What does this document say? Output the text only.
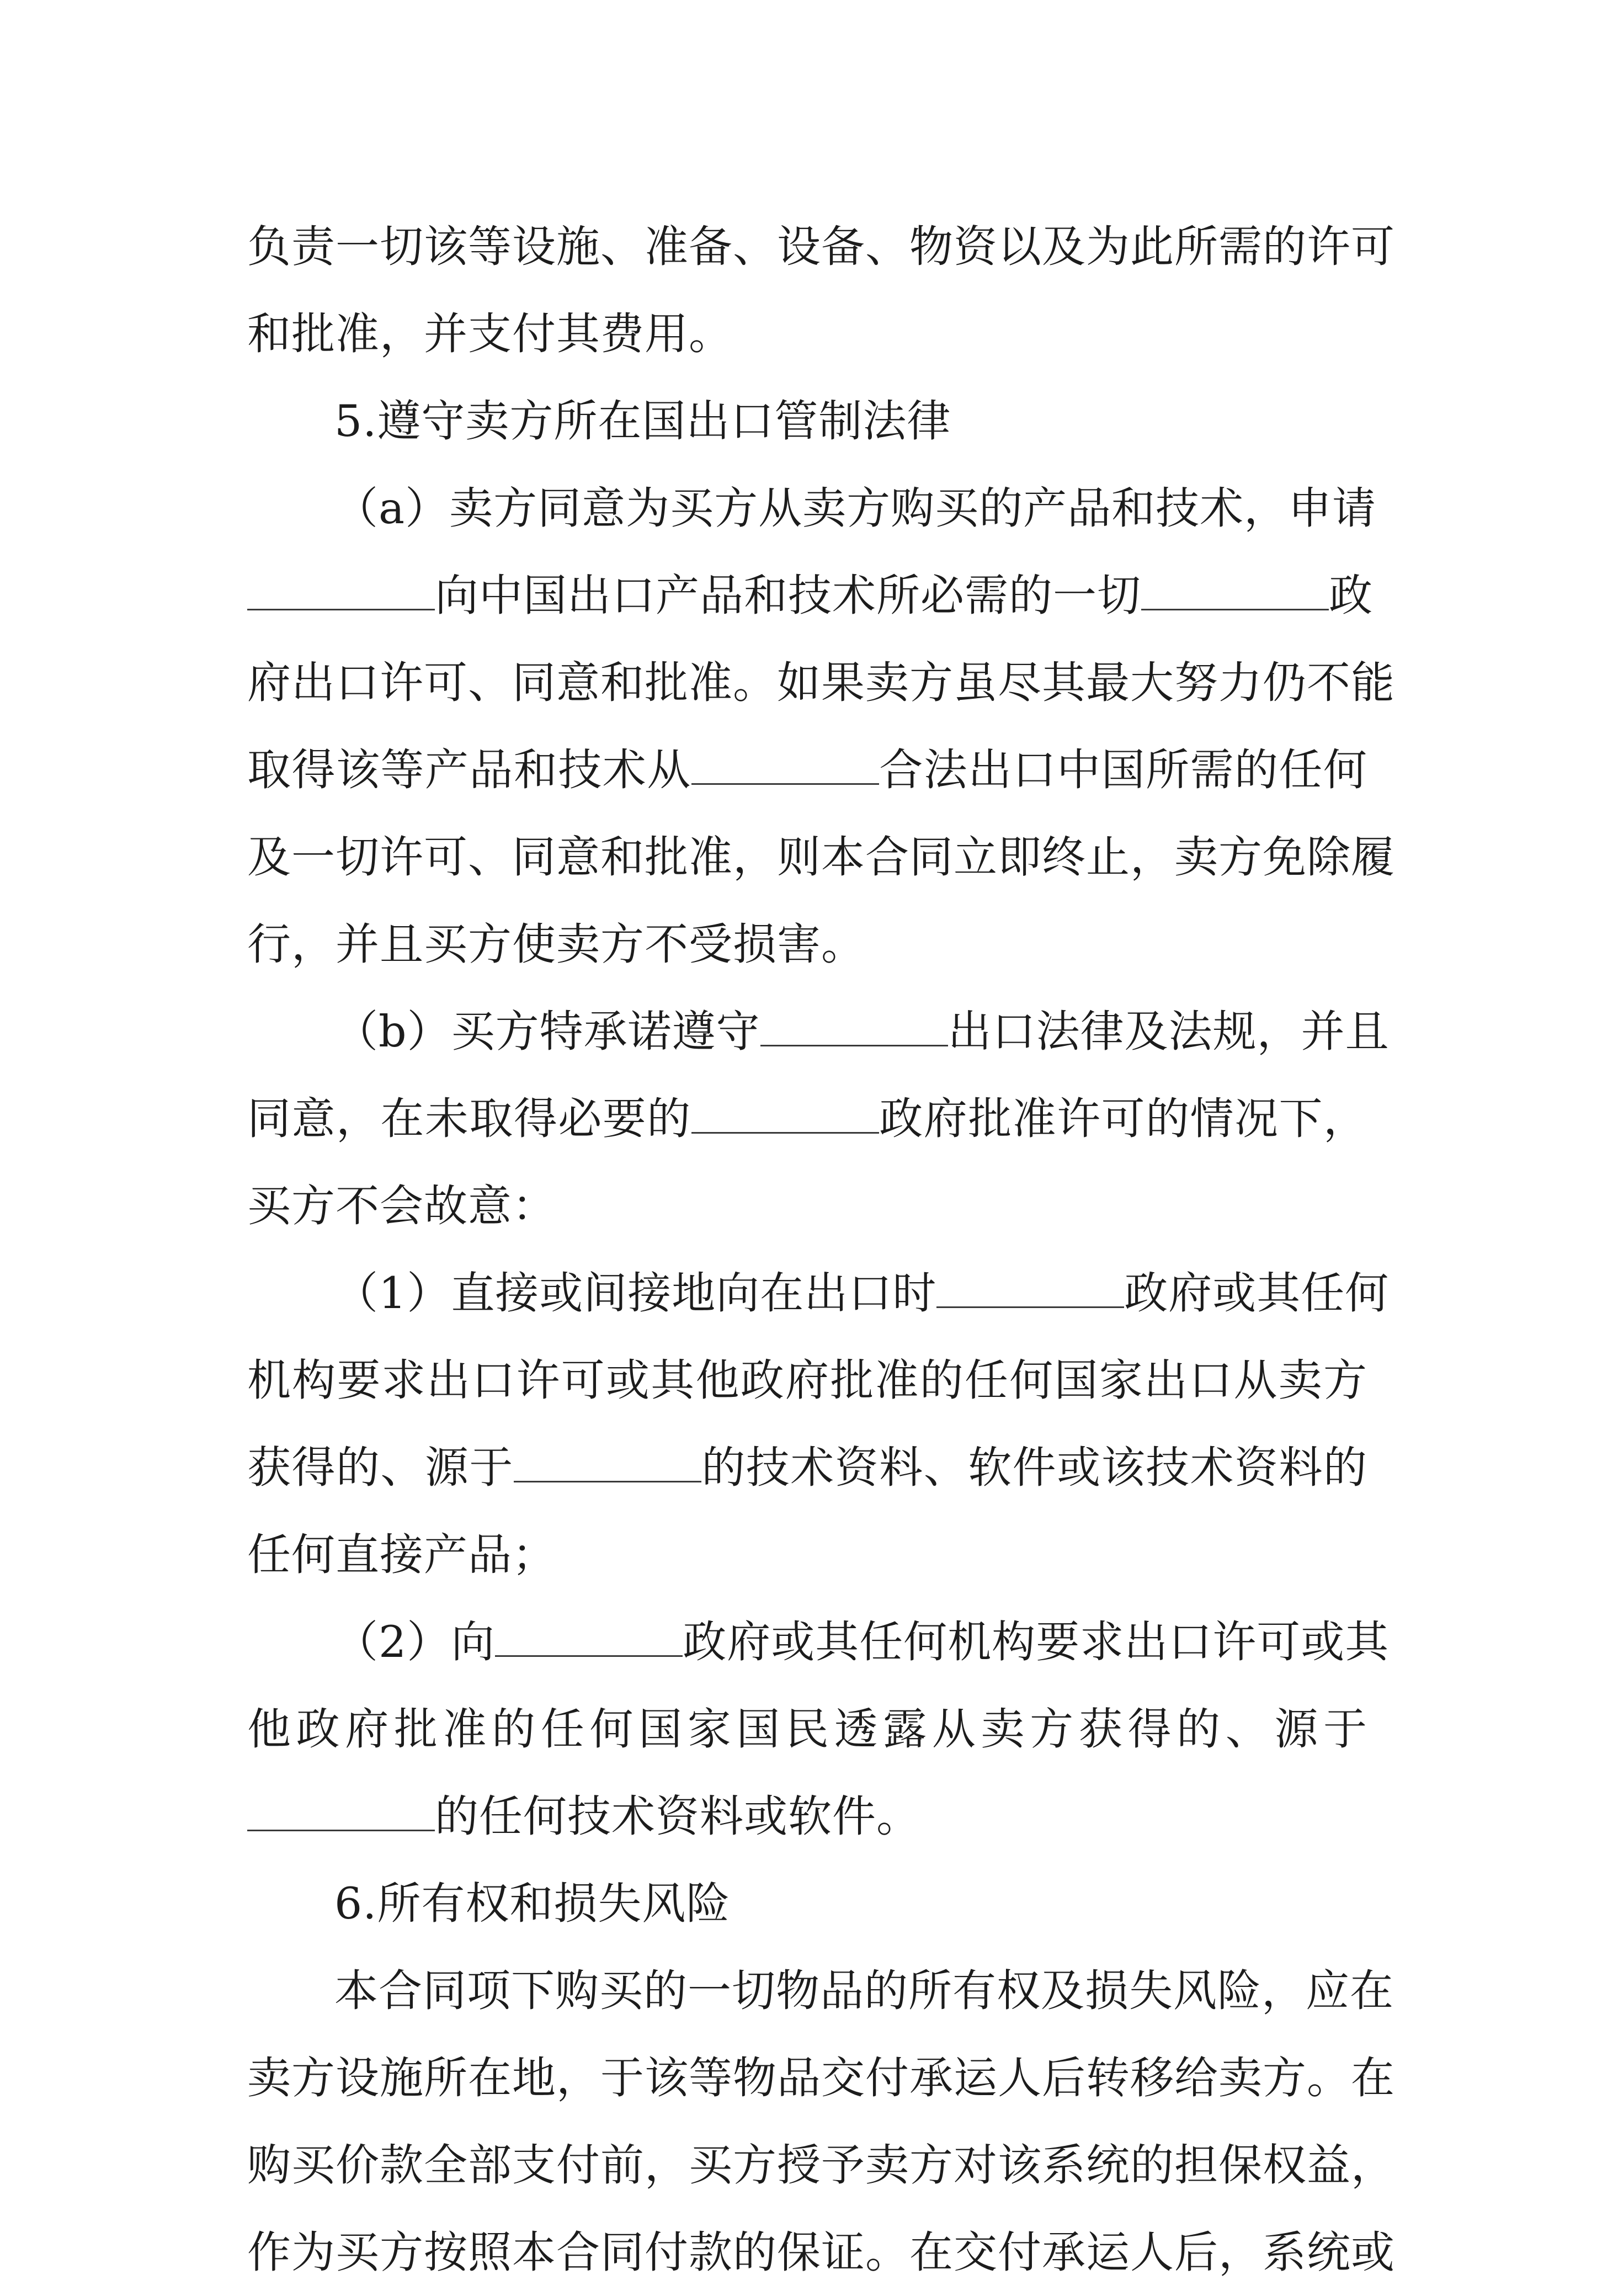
负责一切该等设施、准备、设备、物资以及为此所需的许可
和批准，并支付其费用。
5.遵守卖方所在国出口管制法律
（a）卖方同意为买方从卖方购买的产品和技术，申请
向中国出口产品和技术所必需的一切	政
府出口许可、同意和批准。如果卖方虽尽其最大努力仍不能
取得该等产品和技术从	合法出口中国所需的任何
及一切许可、同意和批准，则本合同立即终止，卖方免除履
行，并且买方使卖方不受损害。
（b）买方特承诺遵守	出口法律及法规，并且
同意，在未取得必要的	政府批准许可的情况下，
买方不会故意：
（1）直接或间接地向在出口时	政府或其任何
机构要求出口许可或其他政府批准的任何国家出口从卖方
获得的、源于	的技术资料、软件或该技术资料的
任何直接产品；
（2）向	政府或其任何机构要求出口许可或其
他政府批准的任何国家国民透露从卖方获得的、源于
的任何技术资料或软件。
6.所有权和损失风险
本合同项下购买的一切物品的所有权及损失风险，应在
卖方设施所在地，于该等物品交付承运人后转移给卖方。在
购买价款全部支付前，买方授予卖方对该系统的担保权益，
作为买方按照本合同付款的保证。在交付承运人后，系统或
